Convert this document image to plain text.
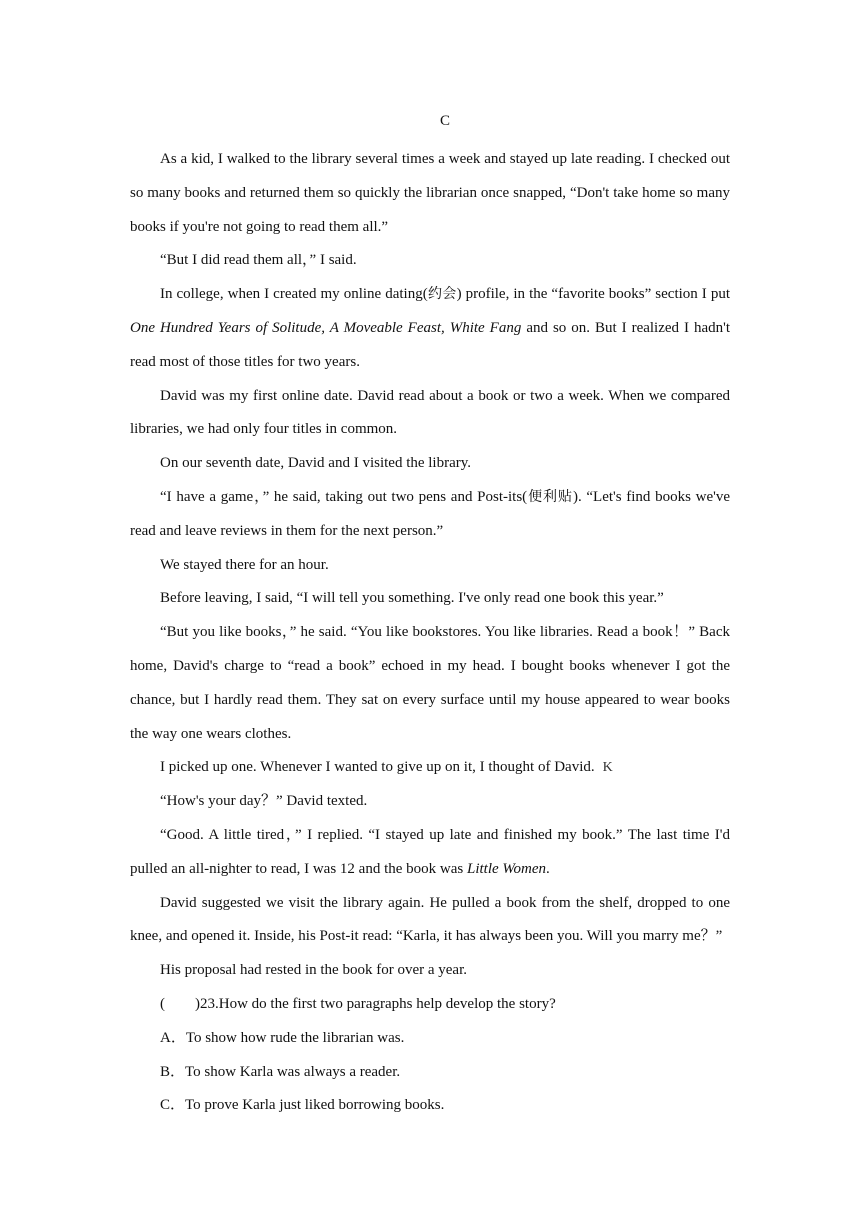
C

As a kid, I walked to the library several times a week and stayed up late reading. I checked out so many books and returned them so quickly the librarian once snapped, “Don't take home so many books if you're not going to read them all.”

“But I did read them all，” I said.

In college, when I created my online dating(约会) profile, in the “favorite books” section I put One Hundred Years of Solitude, A Moveable Feast, White Fang and so on. But I realized I hadn't read most of those titles for two years.

David was my first online date. David read about a book or two a week. When we compared libraries, we had only four titles in common.

On our seventh date, David and I visited the library.

“I have a game，” he said, taking out two pens and Post-its(便利贴). “Let's find books we've read and leave reviews in them for the next person.”

We stayed there for an hour.

Before leaving, I said, “I will tell you something. I've only read one book this year.”

“But you like books，” he said. “You like bookstores. You like libraries. Read a book！” Back home, David's charge to “read a book” echoed in my head. I bought books whenever I got the chance, but I hardly read them. They sat on every surface until my house appeared to wear books the way one wears clothes.

I picked up one. Whenever I wanted to give up on it, I thought of David. K

“How's your day？” David texted.

“Good. A little tired，” I replied. “I stayed up late and finished my book.” The last time I'd pulled an all-nighter to read, I was 12 and the book was Little Women.

David suggested we visit the library again. He pulled a book from the shelf, dropped to one knee, and opened it. Inside, his Post-it read: “Karla, it has always been you. Will you marry me？”

His proposal had rested in the book for over a year.

(  )23.How do the first two paragraphs help develop the story?

A．To show how rude the librarian was.

B．To show Karla was always a reader.

C．To prove Karla just liked borrowing books.
